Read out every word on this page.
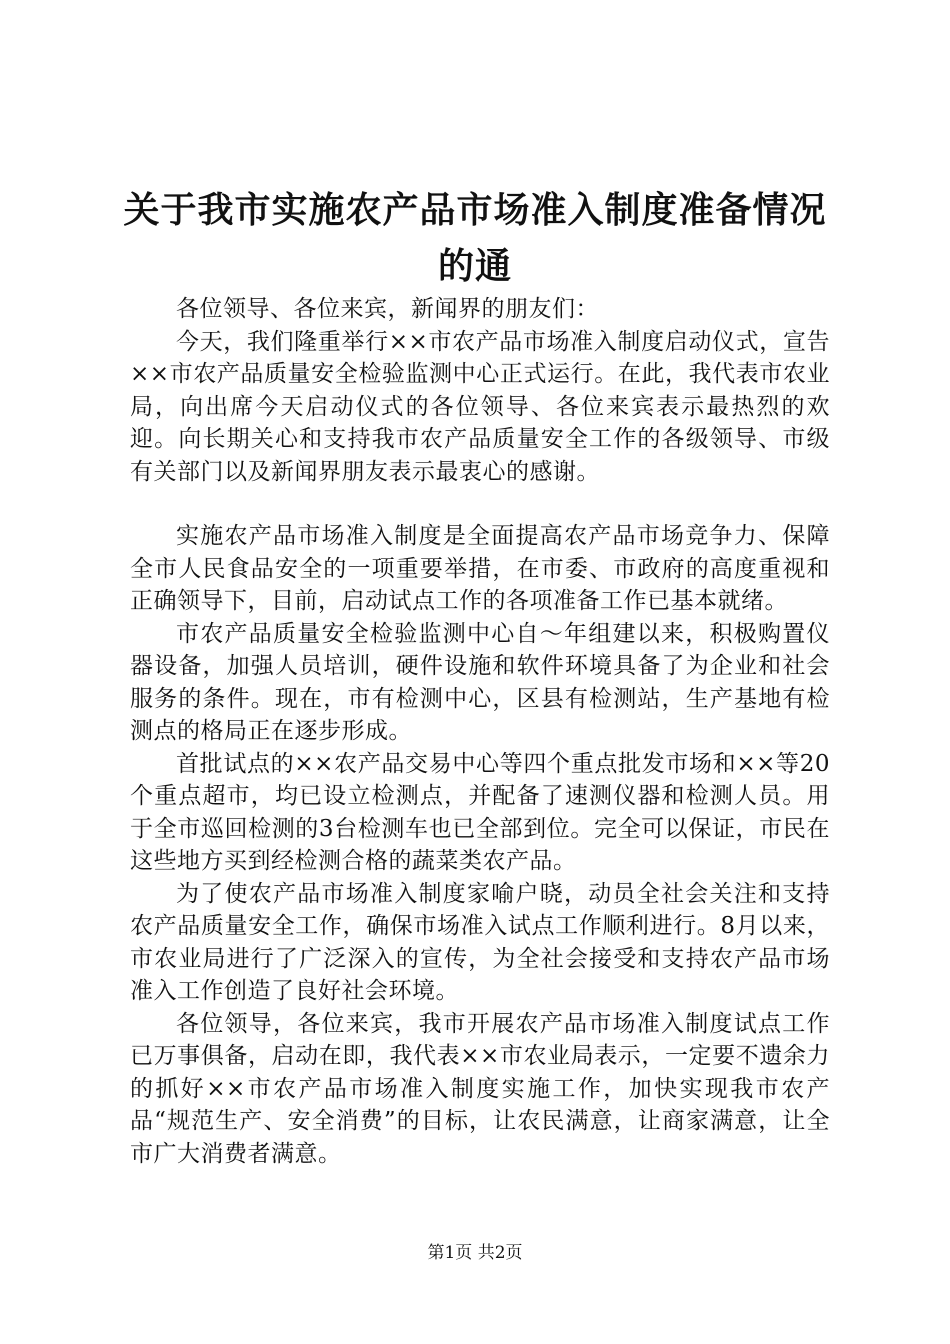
关于我市实施农产品市场准入制度准备情况的通

各位领导、各位来宾，新闻界的朋友们：

今天，我们隆重举行××市农产品市场准入制度启动仪式，宣告××市农产品质量安全检验监测中心正式运行。在此，我代表市农业局，向出席今天启动仪式的各位领导、各位来宾表示最热烈的欢迎。向长期关心和支持我市农产品质量安全工作的各级领导、市级有关部门以及新闻界朋友表示最衷心的感谢。

实施农产品市场准入制度是全面提高农产品市场竞争力、保障全市人民食品安全的一项重要举措，在市委、市政府的高度重视和正确领导下，目前，启动试点工作的各项准备工作已基本就绪。

市农产品质量安全检验监测中心自～年组建以来，积极购置仪器设备，加强人员培训，硬件设施和软件环境具备了为企业和社会服务的条件。现在，市有检测中心，区县有检测站，生产基地有检测点的格局正在逐步形成。

首批试点的××农产品交易中心等四个重点批发市场和××等20个重点超市，均已设立检测点，并配备了速测仪器和检测人员。用于全市巡回检测的3台检测车也已全部到位。完全可以保证，市民在这些地方买到经检测合格的蔬菜类农产品。

为了使农产品市场准入制度家喻户晓，动员全社会关注和支持农产品质量安全工作，确保市场准入试点工作顺利进行。8月以来，市农业局进行了广泛深入的宣传，为全社会接受和支持农产品市场准入工作创造了良好社会环境。

各位领导，各位来宾，我市开展农产品市场准入制度试点工作已万事俱备，启动在即，我代表××市农业局表示，一定要不遗余力的抓好××市农产品市场准入制度实施工作，加快实现我市农产品“规范生产、安全消费”的目标，让农民满意，让商家满意，让全市广大消费者满意。

第1页 共2页
